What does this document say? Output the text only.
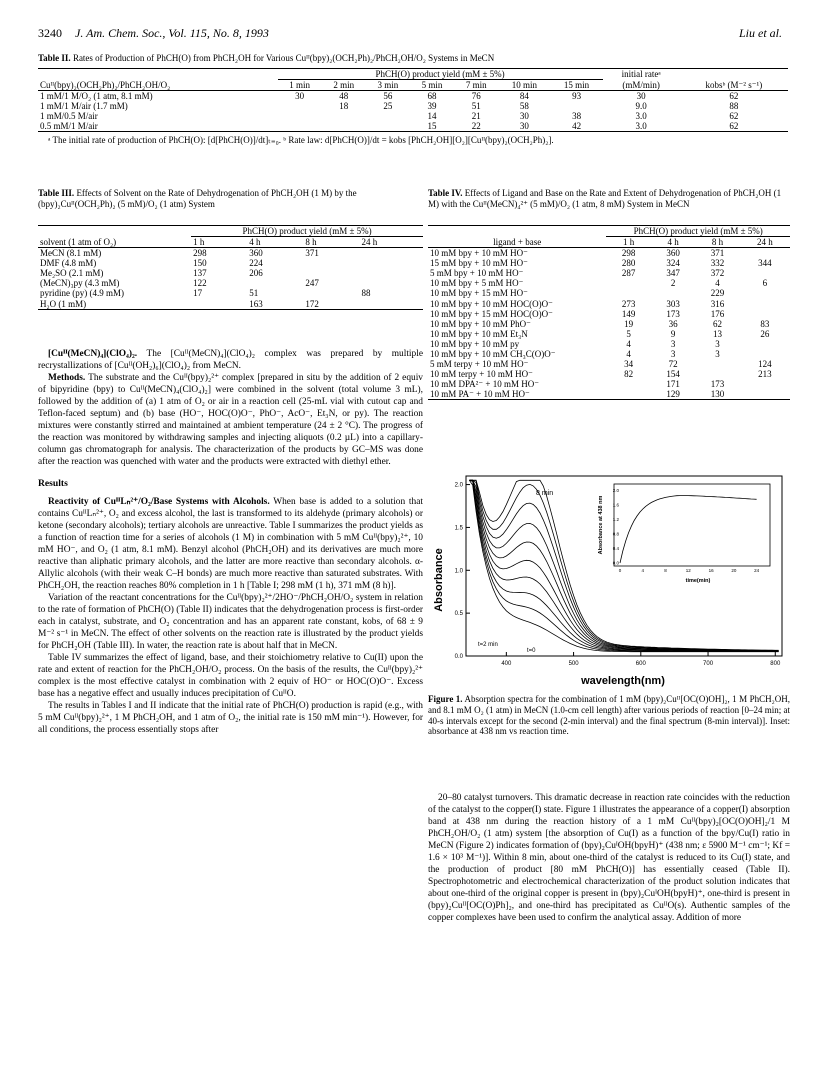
3240 J. Am. Chem. Soc., Vol. 115, No. 8, 1993	Liu et al.
Table II. Rates of Production of PhCH(O) from PhCH₂OH for Various Cuᴵᴵ(bpy)₂(OCH₂Ph)₂/PhCH₂OH/O₂ Systems in MeCN
Cuᴵᴵ(bpy)₂(OCH₂Ph)₂/PhCH₂OH/O₂	PhCH(O) product yield (mM ± 5%)							initial rateᵃ	
	1 min	2 min	3 min	5 min	7 min	10 min	15 min	(mM/min)	kobsᵇ (M⁻² s⁻¹)
1 mM/1 M/O₂ (1 atm, 8.1 mM)	30	48	56	68	76	84	93	30	62
1 mM/1 M/air (1.7 mM)		18	25	39	51	58		9.0	88
1 mM/0.5 M/air				14	21	30	38	3.0	62
0.5 mM/1 M/air				15	22	30	42	3.0	62
ᵃ The initial rate of production of PhCH(O): [d[PhCH(O)]/dt]ₜ₌₀. ᵇ Rate law: d[PhCH(O)]/dt = kobs [PhCH₂OH][O₂][Cuᴵᴵ(bpy)₂(OCH₂Ph)₂].
Table III. Effects of Solvent on the Rate of Dehydrogenation of PhCH₂OH (1 M) by the (bpy)₂Cuᴵᴵ(OCH₂Ph)₂ (5 mM)/O₂ (1 atm) System
solvent (1 atm of O₂)	PhCH(O) product yield (mM ± 5%)			
	1 h	4 h	8 h	24 h
MeCN (8.1 mM)	298	360	371	
DMF (4.8 mM)	150	224		
Me₂SO (2.1 mM)	137	206		
(MeCN)₃py (4.3 mM)	122		247	
pyridine (py) (4.9 mM)	17	51		88
H₂O (1 mM)		163	172	

[Cuᴵᴵ(MeCN)₄](ClO₄)₂. The [Cuᴵᴵ(MeCN)₄](ClO₄)₂ complex was prepared by multiple recrystallizations of [Cuᴵᴵ(OH₂)₆](ClO₄)₂ from MeCN.

Methods. The substrate and the Cuᴵᴵ(bpy)₂²⁺ complex [prepared in situ by the addition of 2 equiv of bipyridine (bpy) to Cuᴵᴵ(MeCN)₄(ClO₄)₂] were combined in the solvent (total volume 3 mL), followed by the addition of (a) 1 atm of O₂ or air in a reaction cell (25-mL vial with cutout cap and Teflon-faced septum) and (b) base (HO⁻, HOC(O)O⁻, PhO⁻, AcO⁻, Et₃N, or py). The reaction mixtures were constantly stirred and maintained at ambient temperature (24 ± 2 °C). The progress of the reaction was monitored by withdrawing samples and injecting aliquots (0.2 µL) into a capillary-column gas chromatograph for analysis. The characterization of the products by GC–MS was done after the reaction was quenched with water and the products were extracted with diethyl ether.

Results

Reactivity of CuᴵᴵLₙ²⁺/O₂/Base Systems with Alcohols. When base is added to a solution that contains CuᴵᴵLₙ²⁺, O₂ and excess alcohol, the last is transformed to its aldehyde (primary alcohols) or ketone (secondary alcohols); tertiary alcohols are unreactive. Table I summarizes the product yields as a function of reaction time for a series of alcohols (1 M) in combination with 5 mM Cuᴵᴵ(bpy)₂²⁺, 10 mM HO⁻, and O₂ (1 atm, 8.1 mM). Benzyl alcohol (PhCH₂OH) and its derivatives are much more reactive than aliphatic primary alcohols, and the latter are more reactive than secondary alcohols. α-Allylic alcohols (with their weak C–H bonds) are much more reactive than saturated substrates. With PhCH₂OH, the reaction reaches 80% completion in 1 h [Table I; 298 mM (1 h), 371 mM (8 h)].

Variation of the reactant concentrations for the Cuᴵᴵ(bpy)₂²⁺/2HO⁻/PhCH₂OH/O₂ system in relation to the rate of formation of PhCH(O) (Table II) indicates that the dehydrogenation process is first-order each in catalyst, substrate, and O₂ concentration and has an apparent rate constant, kobs, of 68 ± 9 M⁻² s⁻¹ in MeCN. The effect of other solvents on the reaction rate is illustrated by the product yields for PhCH₂OH (Table III). In water, the reaction rate is about half that in MeCN.

Table IV summarizes the effect of ligand, base, and their stoichiometry relative to Cu(II) upon the rate and extent of reaction for the PhCH₂OH/O₂ process. On the basis of the results, the Cuᴵᴵ(bpy)₂²⁺ complex is the most effective catalyst in combination with 2 equiv of HO⁻ or HOC(O)O⁻. Excess base has a negative effect and usually induces precipitation of CuᴵᴵO.

The results in Tables I and II indicate that the initial rate of PhCH(O) production is rapid (e.g., with 5 mM Cuᴵᴵ(bpy)₂²⁺, 1 M PhCH₂OH, and 1 atm of O₂, the initial rate is 150 mM min⁻¹). However, for all conditions, the process essentially stops after

Table IV. Effects of Ligand and Base on the Rate and Extent of Dehydrogenation of PhCH₂OH (1 M) with the Cuᴵᴵ(MeCN)₄²⁺ (5 mM)/O₂ (1 atm, 8 mM) System in MeCN
ligand + base	PhCH(O) product yield (mM ± 5%)			
	1 h	4 h	8 h	24 h
10 mM bpy + 10 mM HO⁻	298	360	371	
15 mM bpy + 10 mM HO⁻	280	324	332	344
5 mM bpy + 10 mM HO⁻	287	347	372	
10 mM bpy + 5 mM HO⁻		2	4	6
10 mM bpy + 15 mM HO⁻			229	
10 mM bpy + 10 mM HOC(O)O⁻	273	303	316	
10 mM bpy + 15 mM HOC(O)O⁻	149	173	176	
10 mM bpy + 10 mM PhO⁻	19	36	62	83
10 mM bpy + 10 mM Et₃N	5	9	13	26
10 mM bpy + 10 mM py	4	3	3	
10 mM bpy + 10 mM CH₃C(O)O⁻	4	3	3	
5 mM terpy + 10 mM HO⁻	34	72		124
10 mM terpy + 10 mM HO⁻	82	154		213
10 mM DPA²⁻ + 10 mM HO⁻		171	173	
10 mM PA⁻ + 10 mM HO⁻		129	130	
0.0
0.5
1.0
1.5
2.0
400	500	600	700	800
8 min
t=2 min
t=0
Absorbance
wavelength(nm)
0.0
0.4
0.8
1.2
1.6
2.0
0	4	8	12	16	20	24
Absorbance at 438 nm
time(min)
Figure 1. Absorption spectra for the combination of 1 mM (bpy)₂Cuᴵᴵ[OC(O)OH]₂, 1 M PhCH₂OH, and 8.1 mM O₂ (1 atm) in MeCN (1.0-cm cell length) after various periods of reaction [0–24 min; at 40-s intervals except for the second (2-min interval) and the final spectrum (8-min interval)]. Inset: absorbance at 438 nm vs reaction time.

20–80 catalyst turnovers. This dramatic decrease in reaction rate coincides with the reduction of the catalyst to the copper(I) state. Figure 1 illustrates the appearance of a copper(I) absorption band at 438 nm during the reaction history of a 1 mM Cuᴵᴵ(bpy)₂[OC(O)OH]₂/1 M PhCH₂OH/O₂ (1 atm) system [the absorption of Cu(I) as a function of the bpy/Cu(I) ratio in MeCN (Figure 2) indicates formation of (bpy)₂CuᴵOH(bpyH)⁺ (438 nm; ε 5900 M⁻¹ cm⁻¹; Kf = 1.6 × 10³ M⁻¹)]. Within 8 min, about one-third of the catalyst is reduced to its Cu(I) state, and the production of product [80 mM PhCH(O)] has essentially ceased (Table II). Spectrophotometric and electrochemical characterization of the product solution indicates that about one-third of the original copper is present in (bpy)₂CuᴵOH(bpyH)⁺, one-third is present in (bpy)₂Cuᴵᴵ[OC(O)Ph]₂, and one-third has precipitated as CuᴵᴵO(s). Authentic samples of the copper complexes have been used to confirm the analytical assay. Addition of more
